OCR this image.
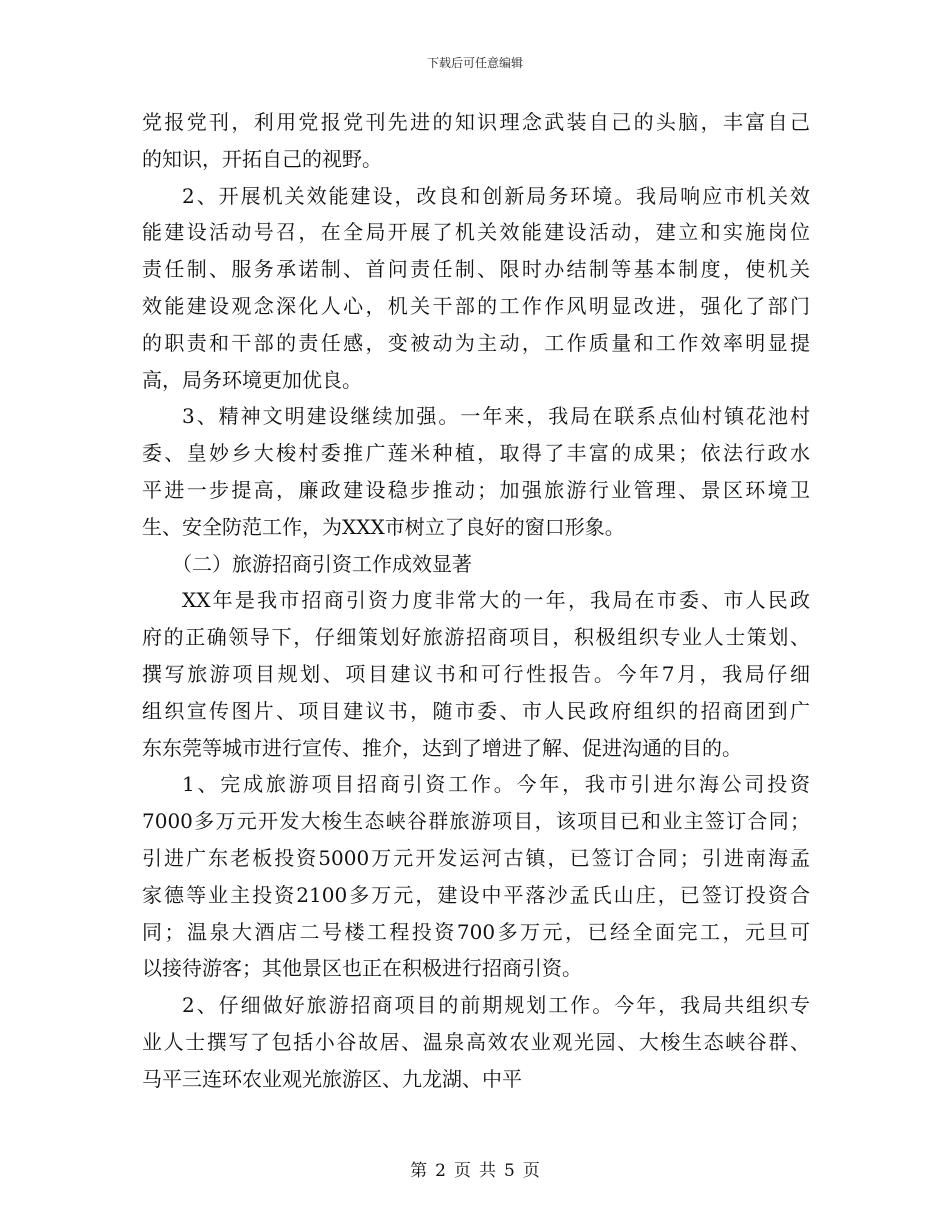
下载后可任意编辑
党报党刊，利用党报党刊先进的知识理念武装自己的头脑，丰富自己
的知识，开拓自己的视野。
2、开展机关效能建设，改良和创新局务环境。我局响应市机关效
能建设活动号召，在全局开展了机关效能建设活动，建立和实施岗位
责任制、服务承诺制、首问责任制、限时办结制等基本制度，使机关
效能建设观念深化人心，机关干部的工作作风明显改进，强化了部门
的职责和干部的责任感，变被动为主动，工作质量和工作效率明显提
高，局务环境更加优良。
3、精神文明建设继续加强。一年来，我局在联系点仙村镇花池村
委、皇妙乡大梭村委推广莲米种植，取得了丰富的成果；依法行政水
平进一步提高，廉政建设稳步推动；加强旅游行业管理、景区环境卫
生、安全防范工作，为XXX市树立了良好的窗口形象。
（二）旅游招商引资工作成效显著
XX年是我市招商引资力度非常大的一年，我局在市委、市人民政
府的正确领导下，仔细策划好旅游招商项目，积极组织专业人士策划、
撰写旅游项目规划、项目建议书和可行性报告。今年7月，我局仔细
组织宣传图片、项目建议书，随市委、市人民政府组织的招商团到广
东东莞等城市进行宣传、推介，达到了增进了解、促进沟通的目的。
1、完成旅游项目招商引资工作。今年，我市引进尔海公司投资
7000多万元开发大梭生态峡谷群旅游项目，该项目已和业主签订合同；
引进广东老板投资5000万元开发运河古镇，已签订合同；引进南海孟
家德等业主投资2100多万元，建设中平落沙孟氏山庄，已签订投资合
同；温泉大酒店二号楼工程投资700多万元，已经全面完工，元旦可
以接待游客；其他景区也正在积极进行招商引资。
2、仔细做好旅游招商项目的前期规划工作。今年，我局共组织专
业人士撰写了包括小谷故居、温泉高效农业观光园、大梭生态峡谷群、
马平三连环农业观光旅游区、九龙湖、中平
第 2 页 共 5 页
